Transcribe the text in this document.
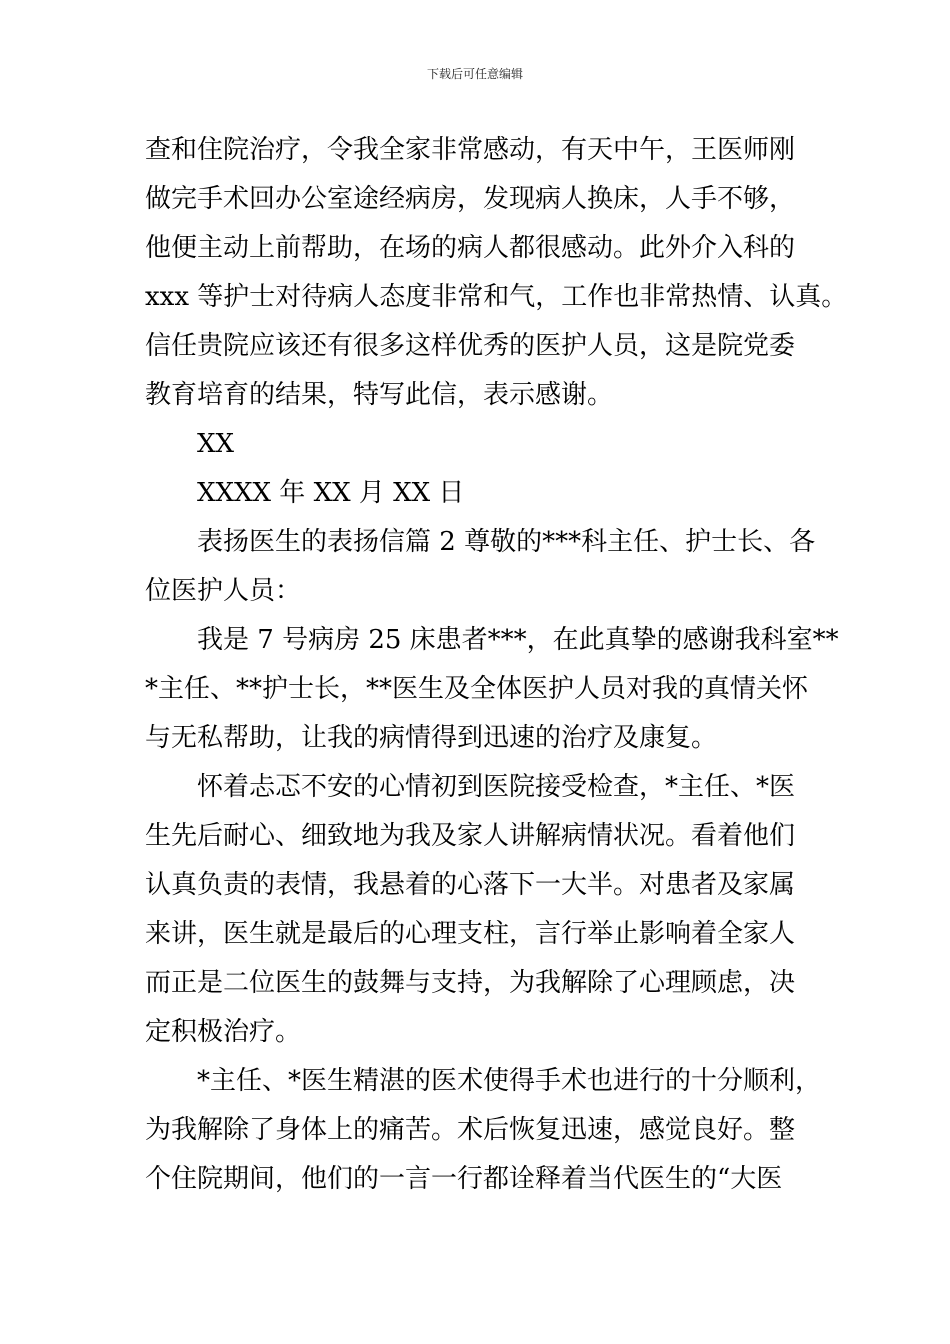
下载后可任意编辑
查和住院治疗，令我全家非常感动，有天中午，王医师刚
做完手术回办公室途经病房，发现病人换床，人手不够，
他便主动上前帮助，在场的病人都很感动。此外介入科的
xxx 等护士对待病人态度非常和气，工作也非常热情、认真。
信任贵院应该还有很多这样优秀的医护人员，这是院党委
教育培育的结果，特写此信，表示感谢。
XX
XXXX 年 XX 月 XX 日
表扬医生的表扬信篇 2 尊敬的***科主任、护士长、各
位医护人员：
我是 7 号病房 25 床患者***，在此真挚的感谢我科室**
*主任、**护士长，**医生及全体医护人员对我的真情关怀
与无私帮助，让我的病情得到迅速的治疗及康复。
怀着忐忑不安的心情初到医院接受检查，*主任、*医
生先后耐心、细致地为我及家人讲解病情状况。看着他们
认真负责的表情，我悬着的心落下一大半。对患者及家属
来讲，医生就是最后的心理支柱，言行举止影响着全家人
而正是二位医生的鼓舞与支持，为我解除了心理顾虑，决
定积极治疗。
*主任、*医生精湛的医术使得手术也进行的十分顺利，
为我解除了身体上的痛苦。术后恢复迅速，感觉良好。整
个住院期间，他们的一言一行都诠释着当代医生的“大医
